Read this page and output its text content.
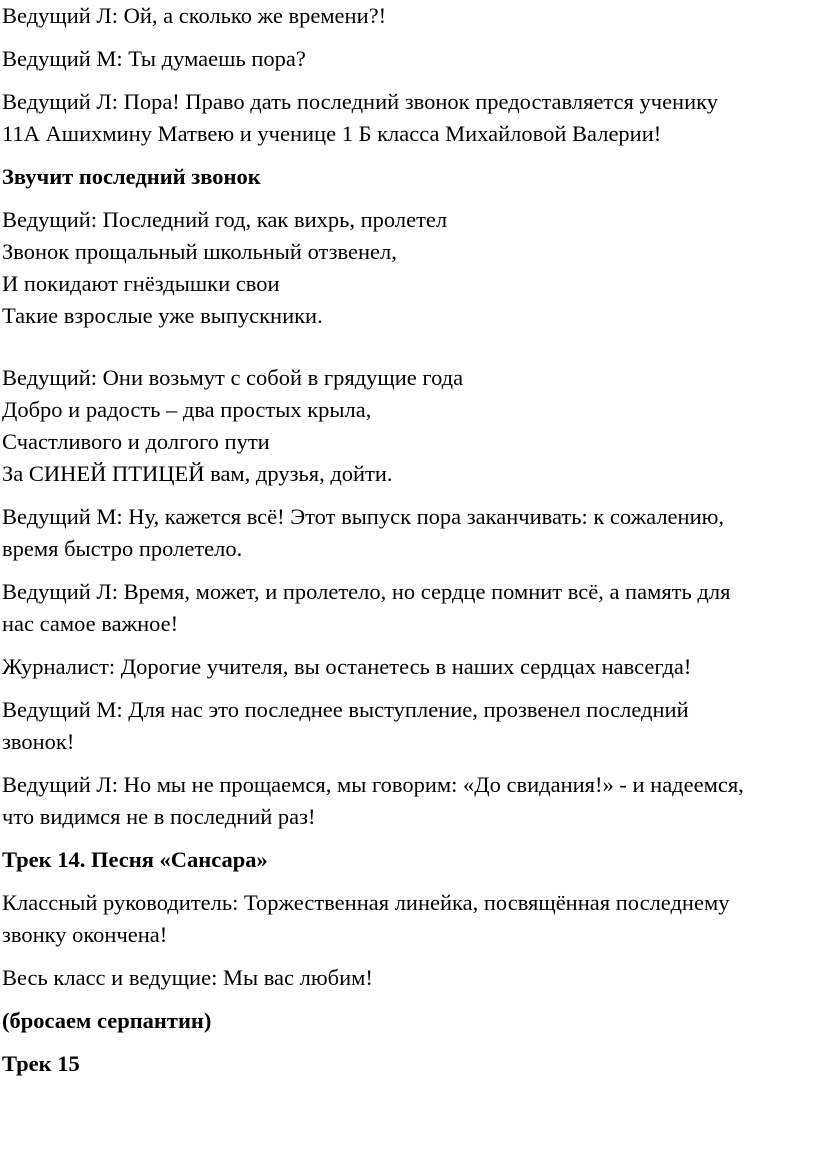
Ведущий Л: Ой, а сколько же времени?!
Ведущий М: Ты думаешь пора?
Ведущий Л: Пора! Право дать последний звонок предоставляется ученику
11А Ашихмину Матвею и ученице 1 Б класса Михайловой Валерии!
Звучит последний звонок
Ведущий: Последний год, как вихрь, пролетел
Звонок прощальный школьный отзвенел,
И покидают гнёздышки свои
Такие взрослые уже выпускники.
Ведущий: Они возьмут с собой в грядущие года
Добро и радость – два простых крыла,
Счастливого и долгого пути
За СИНЕЙ ПТИЦЕЙ вам, друзья, дойти.
Ведущий М: Ну, кажется всё! Этот выпуск пора заканчивать: к сожалению,
время быстро пролетело.
Ведущий Л: Время, может, и пролетело, но сердце помнит всё, а память для
нас самое важное!
Журналист: Дорогие учителя, вы останетесь в наших сердцах навсегда!
Ведущий М: Для нас это последнее выступление, прозвенел последний
звонок!
Ведущий Л: Но мы не прощаемся, мы говорим: «До свидания!» - и надеемся,
что видимся не в последний раз!
Трек 14. Песня «Сансара»
Классный руководитель: Торжественная линейка, посвящённая последнему
звонку окончена!
Весь класс и ведущие: Мы вас любим!
(бросаем серпантин)
Трек 15
